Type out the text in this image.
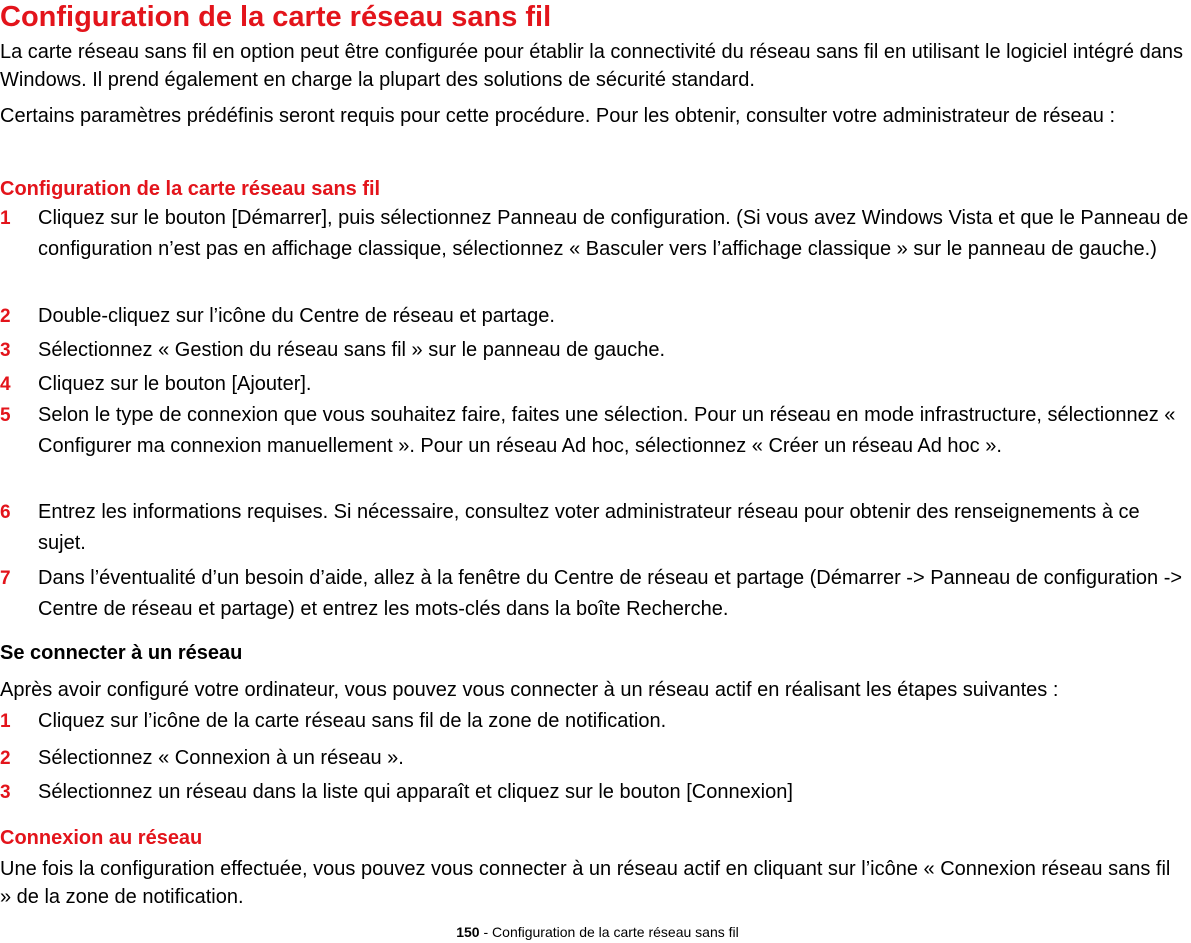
Configuration de la carte réseau sans fil

La carte réseau sans fil en option peut être configurée pour établir la connectivité du réseau sans fil en utilisant le logiciel intégré dans Windows. Il prend également en charge la plupart des solutions de sécurité standard.

Certains paramètres prédéfinis seront requis pour cette procédure. Pour les obtenir, consulter votre administrateur de réseau :

Configuration de la carte réseau sans fil
1 Cliquez sur le bouton [Démarrer], puis sélectionnez Panneau de configuration. (Si vous avez Windows Vista et que le Panneau de configuration n’est pas en affichage classique, sélectionnez « Basculer vers l’affichage classique » sur le panneau de gauche.)
2 Double-cliquez sur l’icône du Centre de réseau et partage.
3 Sélectionnez « Gestion du réseau sans fil » sur le panneau de gauche.
4 Cliquez sur le bouton [Ajouter].
5 Selon le type de connexion que vous souhaitez faire, faites une sélection. Pour un réseau en mode infrastructure, sélectionnez « Configurer ma connexion manuellement ». Pour un réseau Ad hoc, sélectionnez « Créer un réseau Ad hoc ».
6 Entrez les informations requises. Si nécessaire, consultez voter administrateur réseau pour obtenir des renseignements à ce sujet.
7 Dans l’éventualité d’un besoin d’aide, allez à la fenêtre du Centre de réseau et partage (Démarrer -> Panneau de configuration -> Centre de réseau et partage) et entrez les mots-clés dans la boîte Recherche.
Se connecter à un réseau

Après avoir configuré votre ordinateur, vous pouvez vous connecter à un réseau actif en réalisant les étapes suivantes :

1 Cliquez sur l’icône de la carte réseau sans fil de la zone de notification.
2 Sélectionnez « Connexion à un réseau ».
3 Sélectionnez un réseau dans la liste qui apparaît et cliquez sur le bouton [Connexion]
Connexion au réseau

Une fois la configuration effectuée, vous pouvez vous connecter à un réseau actif en cliquant sur l’icône « Connexion réseau sans fil » de la zone de notification.

150 - Configuration de la carte réseau sans fil
